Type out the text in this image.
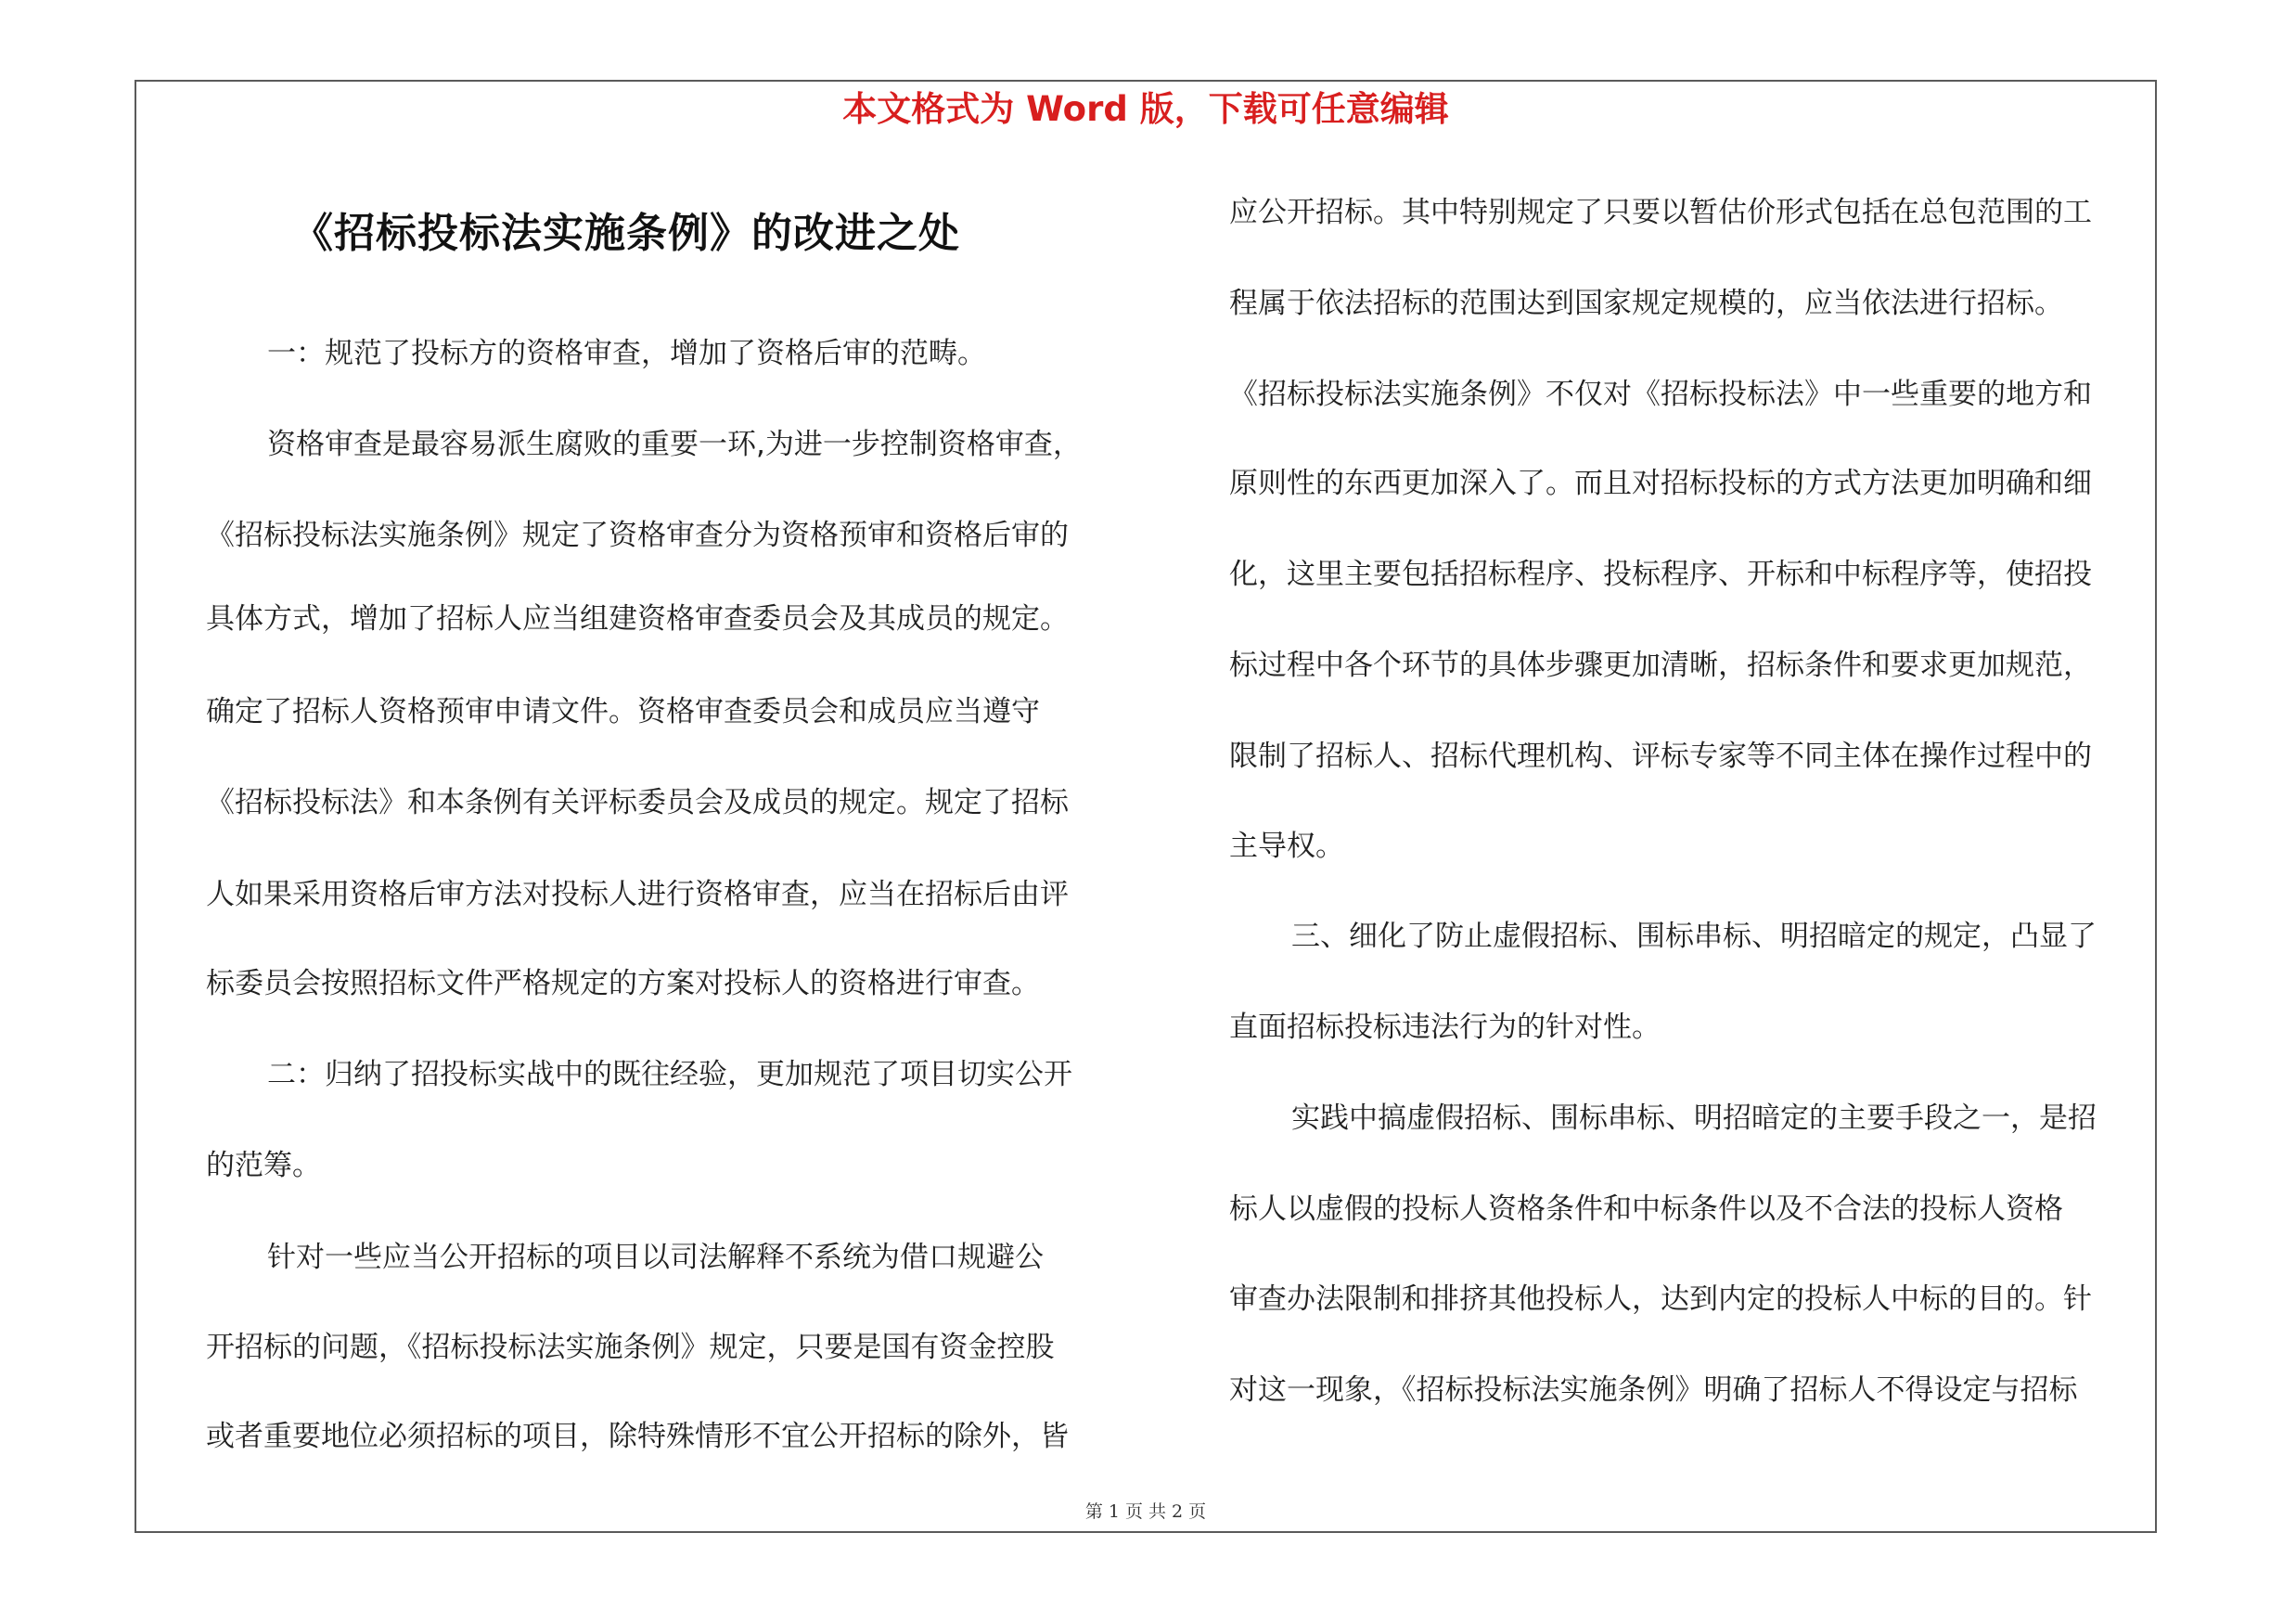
本文格式为 Word 版，下载可任意编辑
《招标投标法实施条例》的改进之处
一：规范了投标方的资格审查，增加了资格后审的范畴。
资格审查是最容易派生腐败的重要一环,为进一步控制资格审查，
《招标投标法实施条例》规定了资格审查分为资格预审和资格后审的
具体方式，增加了招标人应当组建资格审查委员会及其成员的规定。
确定了招标人资格预审申请文件。资格审查委员会和成员应当遵守
《招标投标法》和本条例有关评标委员会及成员的规定。规定了招标
人如果采用资格后审方法对投标人进行资格审查，应当在招标后由评
标委员会按照招标文件严格规定的方案对投标人的资格进行审查。
二：归纳了招投标实战中的既往经验，更加规范了项目切实公开
的范筹。
针对一些应当公开招标的项目以司法解释不系统为借口规避公
开招标的问题，《招标投标法实施条例》规定，只要是国有资金控股
或者重要地位必须招标的项目，除特殊情形不宜公开招标的除外，皆
应公开招标。其中特别规定了只要以暂估价形式包括在总包范围的工
程属于依法招标的范围达到国家规定规模的，应当依法进行招标。
《招标投标法实施条例》不仅对《招标投标法》中一些重要的地方和
原则性的东西更加深入了。而且对招标投标的方式方法更加明确和细
化，这里主要包括招标程序、投标程序、开标和中标程序等，使招投
标过程中各个环节的具体步骤更加清晰，招标条件和要求更加规范，
限制了招标人、招标代理机构、评标专家等不同主体在操作过程中的
主导权。
三、细化了防止虚假招标、围标串标、明招暗定的规定，凸显了
直面招标投标违法行为的针对性。
实践中搞虚假招标、围标串标、明招暗定的主要手段之一，是招
标人以虚假的投标人资格条件和中标条件以及不合法的投标人资格
审查办法限制和排挤其他投标人，达到内定的投标人中标的目的。针
对这一现象，《招标投标法实施条例》明确了招标人不得设定与招标
第 1 页 共 2 页
